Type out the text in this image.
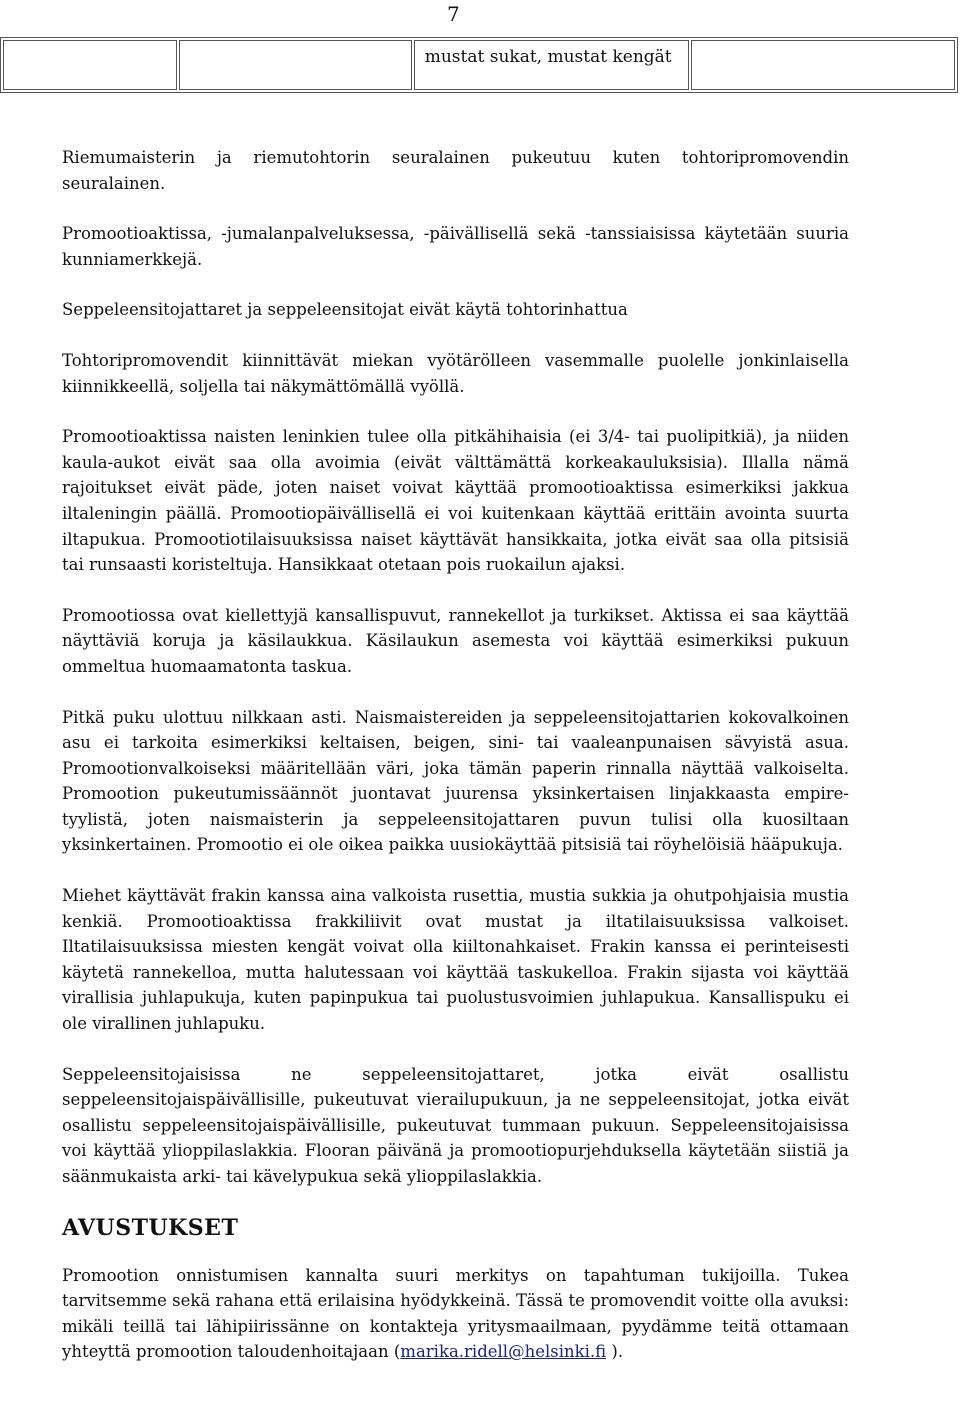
7
		mustat sukat, mustat kengät	

Riemumaisterin ja riemutohtorin seuralainen pukeutuu kuten tohtoripromovendin seuralainen.

Promootioaktissa, -jumalanpalveluksessa, -päivällisellä sekä -tanssiaisissa käytetään suuria kunniamerkkejä.

Seppeleensitojattaret ja seppeleensitojat eivät käytä tohtorinhattua

Tohtoripromovendit kiinnittävät miekan vyötärölleen vasemmalle puolelle jonkinlaisella kiinnikkeellä, soljella tai näkymättömällä vyöllä.

Promootioaktissa naisten leninkien tulee olla pitkähihaisia (ei 3/4- tai puolipitkiä), ja niiden kaula-aukot eivät saa olla avoimia (eivät välttämättä korkeakauluksisia). Illalla nämä rajoitukset eivät päde, joten naiset voivat käyttää promootioaktissa esimerkiksi jakkua iltaleningin päällä. Promootiopäivällisellä ei voi kuitenkaan käyttää erittäin avointa suurta iltapukua. Promootiotilaisuuksissa naiset käyttävät hansikkaita, jotka eivät saa olla pitsisiä tai runsaasti koristeltuja. Hansikkaat otetaan pois ruokailun ajaksi.

Promootiossa ovat kiellettyjä kansallispuvut, rannekellot ja turkikset. Aktissa ei saa käyttää näyttäviä koruja ja käsilaukkua. Käsilaukun asemesta voi käyttää esimerkiksi pukuun ommeltua huomaamatonta taskua.

Pitkä puku ulottuu nilkkaan asti. Naismaistereiden ja seppeleensitojattarien kokovalkoinen asu ei tarkoita esimerkiksi keltaisen, beigen, sini- tai vaaleanpunaisen sävyistä asua. Promootionvalkoiseksi määritellään väri, joka tämän paperin rinnalla näyttää valkoiselta. Promootion pukeutumissäännöt juontavat juurensa yksinkertaisen linjakkaasta empire-tyylistä, joten naismaisterin ja seppeleensitojattaren puvun tulisi olla kuosiltaan yksinkertainen. Promootio ei ole oikea paikka uusiokäyttää pitsisiä tai röyhelöisiä hääpukuja.

Miehet käyttävät frakin kanssa aina valkoista rusettia, mustia sukkia ja ohutpohjaisia mustia kenkiä. Promootioaktissa frakkiliivit ovat mustat ja iltatilaisuuksissa valkoiset. Iltatilaisuuksissa miesten kengät voivat olla kiiltonahkaiset. Frakin kanssa ei perinteisesti käytetä rannekelloa, mutta halutessaan voi käyttää taskukelloa. Frakin sijasta voi käyttää virallisia juhlapukuja, kuten papinpukua tai puolustusvoimien juhlapukua. Kansallispuku ei ole virallinen juhlapuku.

Seppeleensitojaisissa ne seppeleensitojattaret, jotka eivät osallistu seppeleensitojaispäivällisille, pukeutuvat vierailupukuun, ja ne seppeleensitojat, jotka eivät osallistu seppeleensitojaispäivällisille, pukeutuvat tummaan pukuun. Seppeleensitojaisissa voi käyttää ylioppilaslakkia. Flooran päivänä ja promootiopurjehduksella käytetään siistiä ja säänmukaista arki- tai kävelypukua sekä ylioppilaslakkia.

AVUSTUKSET

Promootion onnistumisen kannalta suuri merkitys on tapahtuman tukijoilla. Tukea tarvitsemme sekä rahana että erilaisina hyödykkeinä. Tässä te promovendit voitte olla avuksi: mikäli teillä tai lähipiirissänne on kontakteja yritysmaailmaan, pyydämme teitä ottamaan yhteyttä promootion taloudenhoitajaan (marika.ridell@helsinki.fi ).
